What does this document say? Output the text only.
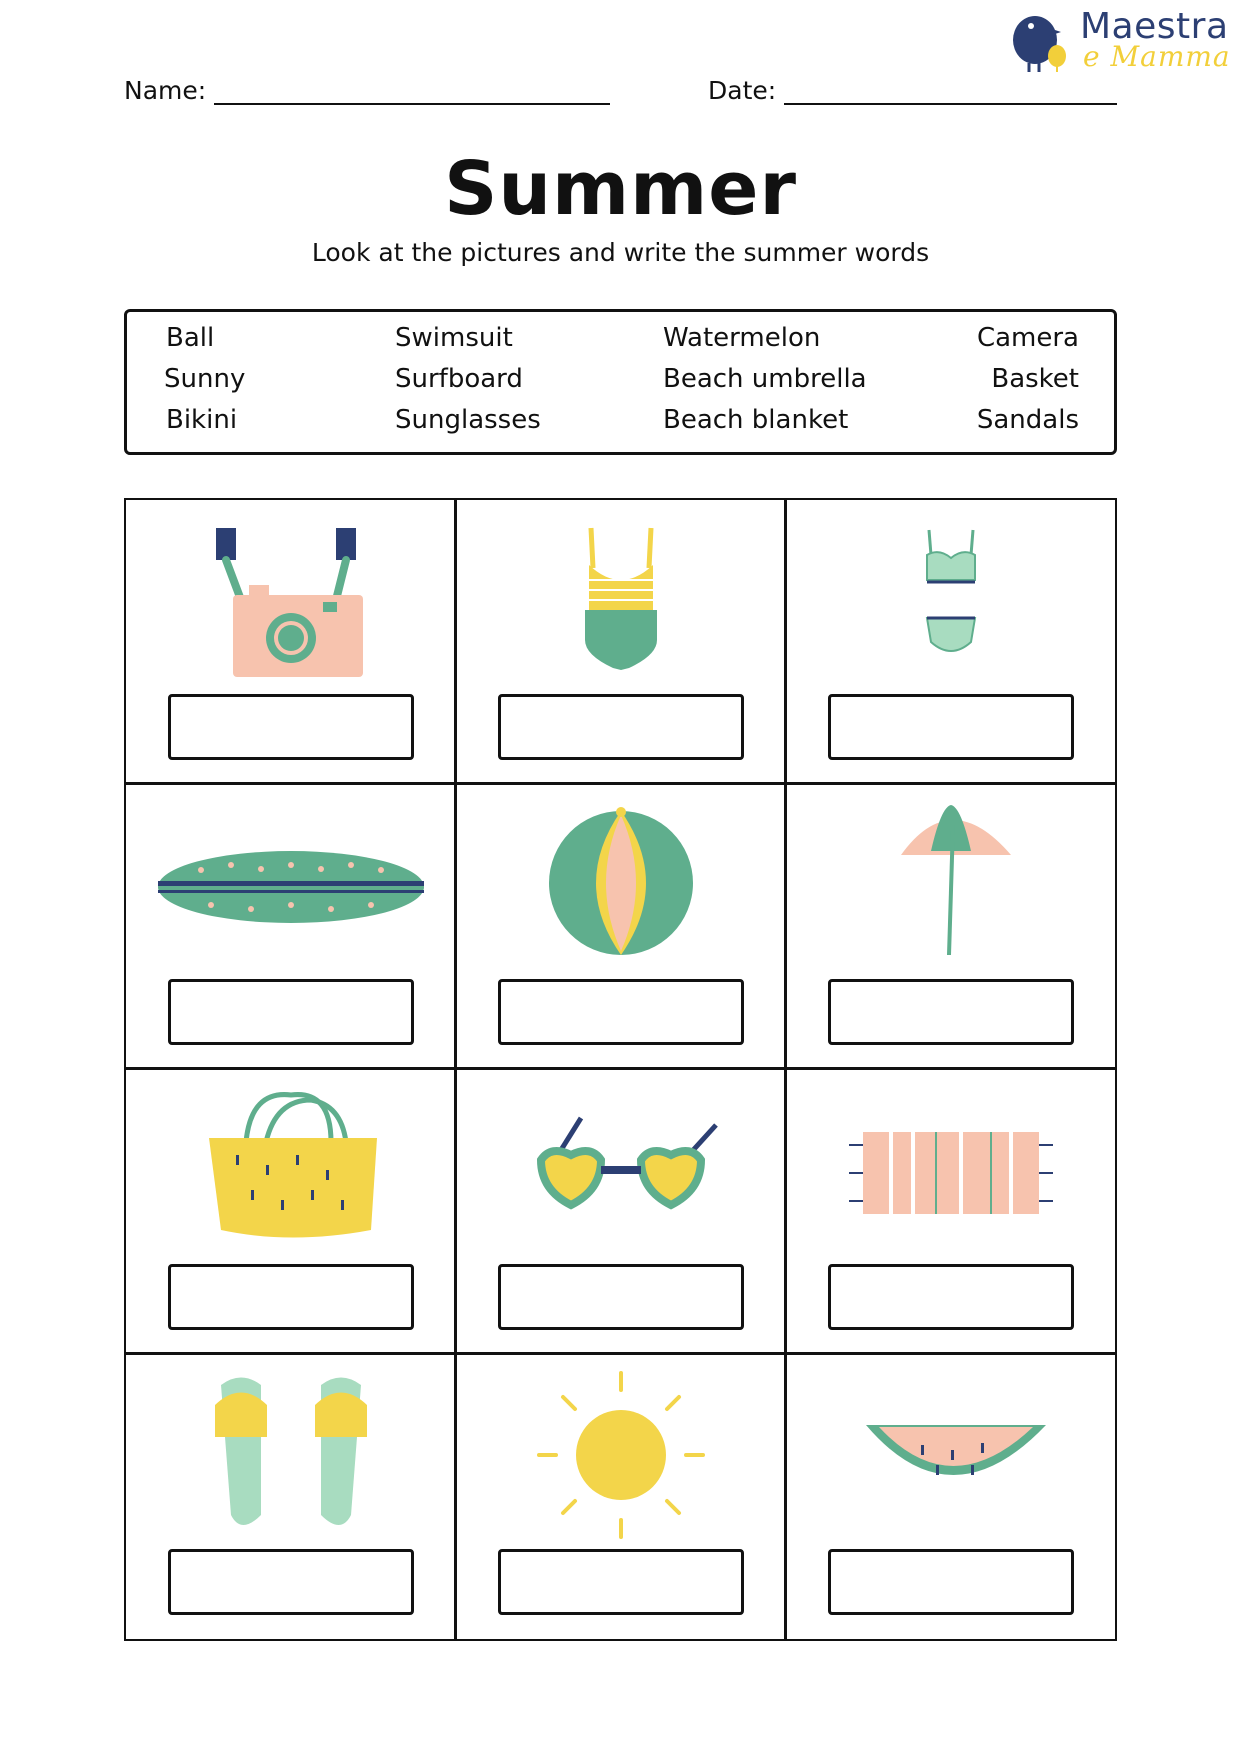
Maestra
e Mamma
Name:	Date:
Summer
Look at the pictures and write the summer words
Ball	Swimsuit	Watermelon	Camera
Sunny	Surfboard	Beach umbrella	Basket
Bikini	Sunglasses	Beach blanket	Sandals
